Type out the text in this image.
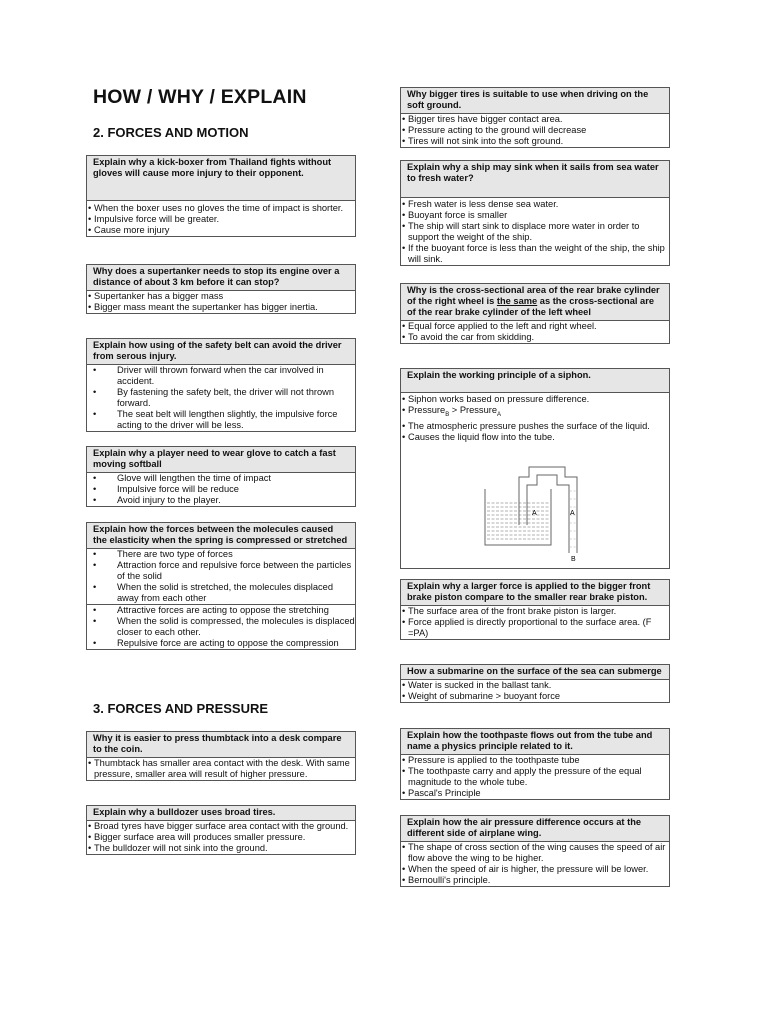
HOW / WHY / EXPLAIN
2. FORCES AND MOTION
3. FORCES AND PRESSURE
Explain why a kick-boxer from Thailand fights without gloves will cause more injury to their opponent.
• When the boxer uses no gloves the time of impact is shorter.
• Impulsive force will be greater.
• Cause more injury
Why does a supertanker needs to stop its engine over a distance of about 3 km before it can stop?
• Supertanker has a bigger mass
• Bigger mass meant the supertanker has bigger inertia.
Explain how using of the safety belt can avoid the driver from serous injury.
• Driver will thrown forward when the car involved in accident.
• By fastening the safety belt, the driver will not thrown forward.
• The seat belt will lengthen slightly, the impulsive force acting to the driver will be less.
Explain why a player need to wear glove to catch a fast moving softball
• Glove will lengthen the time of impact
• Impulsive force will be reduce
• Avoid injury to the player.
Explain how the forces between the molecules caused the elasticity when the spring is compressed or stretched
• There are two type of forces
• Attraction force and repulsive force between the particles of the solid
• When the solid is stretched, the molecules displaced away from each other
• Attractive forces are acting to oppose the stretching
• When the solid is compressed, the molecules is displaced closer to each other.
• Repulsive force are acting to oppose the compression
Why it is easier to press thumbtack into a desk compare to the coin.
• Thumbtack has smaller area contact with the desk. With same pressure, smaller area will result of higher pressure.
Explain why a bulldozer uses broad tires.
• Broad tyres have bigger surface area contact with the ground.
• Bigger surface area will produces smaller pressure.
• The bulldozer will not sink into the ground.
Why bigger tires is suitable to use when driving on the soft ground.
• Bigger tires have bigger contact area.
• Pressure acting to the ground will decrease
• Tires will not sink into the soft ground.
Explain why a ship may sink when it sails from sea water to fresh water?
• Fresh water is less dense sea water.
• Buoyant force is smaller
• The ship will start sink to displace more water in order to support the weight of the ship.
• If the buoyant force is less than the weight of the ship, the ship will sink.
Why is the cross-sectional area of the rear brake cylinder of the right wheel is the same as the cross-sectional are of the rear brake cylinder of the left wheel
• Equal force applied to the left and right wheel.
• To avoid the car from skidding.
Explain the working principle of a siphon.
• Siphon works based on pressure difference.
• Pressure$_B$ > Pressure$_A$
• The atmospheric pressure pushes the surface of the liquid.
• Causes the liquid flow into the tube.
A	A
B
Explain why a larger force is applied to the bigger front brake piston compare to the smaller rear brake piston.
• The surface area of the front brake piston is larger.
• Force applied is directly proportional to the surface area. (F =PA)
How a submarine on the surface of the sea can submerge
• Water is sucked in the ballast tank.
• Weight of submarine > buoyant force
Explain how the toothpaste flows out from the tube and name a physics principle related to it.
• Pressure is applied to the toothpaste tube
• The toothpaste carry and apply the pressure of the equal magnitude to the whole tube.
• Pascal's Principle
Explain how the air pressure difference occurs at the different side of airplane wing.
• The shape of cross section of the wing causes the speed of air flow above the wing to be higher.
• When the speed of air is higher, the pressure will be lower.
• Bernoulli's principle.
